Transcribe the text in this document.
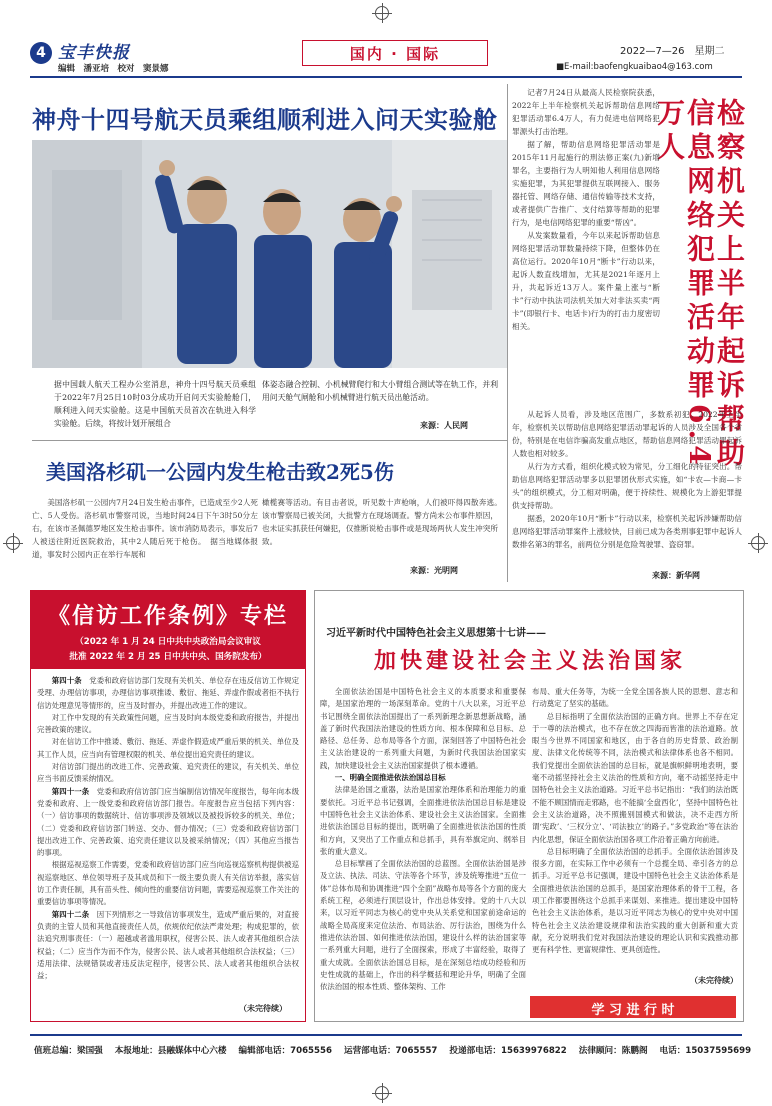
4 宝丰快报
编辑　潘亚培　校对　窦景娜
国内 · 国际	2022—7—26　星期二
■E-mail:baofengkuaibao4@163.com
神舟十四号航天员乘组顺利进入问天实验舱
据中国载人航天工程办公室消息，神舟十四号航天员乘组于2022年7月25日10时03分成功开启问天实验舱舱门，顺利进入问天实验舱。这是中国航天员首次在轨进入科学实验舱。后续，将按计划开展组合
体姿态融合控制、小机械臂爬行和大小臂组合测试等在轨工作，并利用问天舱气闸舱和小机械臂进行航天员出舱活动。
来源：人民网
美国洛杉矶一公园内发生枪击致2死5伤

美国洛杉矶一公园内7月24日发生枪击事件，已造成至少2人死亡、5人受伤。洛杉矶市警察司说，当地时间24日下午3时50分左右，在该市圣佩德罗地区发生枪击事件。该市消防局表示，事发后7人被送往附近医院救治，其中2人随后死于枪伤。　据当地媒体报道，事发时公园内正在举行车展和

橄榄赛等活动。有目击者说，听见数十声枪响，人们被吓得四散奔逃。　该市警察局已被关闭，大批警方在现场调查。警方尚未公布事件原因，也未证实抓获任何嫌犯，仅推断说枪击事件或是现场两伙人发生冲突所致。

来源：光明网
检察机关上半年起诉帮助信息网络犯罪活动罪6.4万人

记者7月24日从最高人民检察院获悉，2022年上半年检察机关起诉帮助信息网络犯罪活动罪6.4万人，有力促进电信网络犯罪源头打击治理。

据了解，帮助信息网络犯罪活动罪是2015年11月起施行的刑法修正案(九)新增罪名，主要指行为人明知他人利用信息网络实施犯罪，为其犯罪提供互联网接入、服务器托管、网络存储、通信传输等技术支持，或者提供广告推广、支付结算等帮助的犯罪行为，是电信网络犯罪的重要“帮凶”。

从发案数量看，今年以来起诉帮助信息网络犯罪活动罪数量持续下降，但整体仍在高位运行。2020年10月“断卡”行动以来，起诉人数直线增加，尤其是2021年逐月上升，共起诉近13万人。案件量上涨与“断卡”行动中执法司法机关加大对非法买卖“两卡”(即银行卡、电话卡)行为的打击力度密切相关。

从起诉人员看，涉及地区范围广，多数系初犯。2022年上半年，检察机关以帮助信息网络犯罪活动罪起诉的人员涉及全国各个省份，特别是在电信诈骗高发重点地区，帮助信息网络犯罪活动罪起诉人数也相对较多。

从行为方式看，组织化模式较为常见，分工细化的特征突出。帮助信息网络犯罪活动罪多以犯罪团伙形式实施，如“卡农—卡商—卡头”的组织模式，分工相对明确，便于持续性、规模化为上游犯罪提供支持帮助。

据悉，2020年10月“断卡”行动以来，检察机关起诉涉嫌帮助信息网络犯罪活动罪案件上涨较快，目前已成为各类刑事犯罪中起诉人数排名第3的罪名，前两位分别是危险驾驶罪、盗窃罪。

来源：新华网
《信访工作条例》专栏
（2022 年 1 月 24 日中共中央政治局会议审议
批准 2022 年 2 月 25 日中共中央、国务院发布）

第四十条　 党委和政府信访部门发现有关机关、单位存在违反信访工作规定受理、办理信访事项，办理信访事项推诿、敷衍、拖延、弄虚作假或者拒不执行信访处理意见等情形的，应当及时督办，并提出改进工作的建议。

对工作中发现的有关政策性问题，应当及时向本级党委和政府报告，并提出完善政策的建议。

对在信访工作中推诿、敷衍、拖延、弄虚作假造成严重后果的机关、单位及其工作人员，应当向有管理权限的机关、单位提出追究责任的建议。

对信访部门提出的改进工作、完善政策、追究责任的建议，有关机关、单位应当书面反馈采纳情况。

第四十一条　 党委和政府信访部门应当编制信访情况年度报告，每年向本级党委和政府、上一级党委和政府信访部门报告。年度报告应当包括下列内容：（一）信访事项的数据统计、信访事项涉及领域以及被投诉较多的机关、单位；（二）党委和政府信访部门转送、交办、督办情况；（三）党委和政府信访部门提出改进工作、完善政策、追究责任建议以及被采纳情况；（四）其他应当报告的事项。

根据巡视巡察工作需要，党委和政府信访部门应当向巡视巡察机构提供被巡视巡察地区、单位领导班子及其成员和下一级主要负责人有关信访举报，落实信访工作责任制，具有苗头性、倾向性的重要信访问题，需要巡视巡察工作关注的重要信访事项等情况。

第四十二条　 因下列情形之一导致信访事项发生，造成严重后果的，对直接负责的主管人员和其他直接责任人员，依规依纪依法严肃处理；构成犯罪的，依法追究刑事责任：（一）超越或者滥用职权，侵害公民、法人或者其他组织合法权益；（二）应当作为而不作为，侵害公民、法人或者其他组织合法权益；（三）适用法律、法规错误或者违反法定程序，侵害公民、法人或者其他组织合法权益；

（未完待续）
习近平新时代中国特色社会主义思想第十七讲——
加快建设社会主义法治国家

全面依法治国是中国特色社会主义的本质要求和重要保障，是国家治理的一场深刻革命。党的十八大以来，习近平总书记围绕全面依法治国提出了一系列新理念新思想新战略，涵盖了新时代我国法治建设的性质方向、根本保障和总目标、总路径、总任务、总布局等各个方面，深刻回答了中国特色社会主义法治建设的一系列重大问题，为新时代我国法治国家实践，加快建设社会主义法治国家提供了根本遵循。

一、明确全面推进依法治国总目标

法律是治国之重器，法治是国家治理体系和治理能力的重要依托。习近平总书记强调，全面推进依法治国总目标是建设中国特色社会主义法治体系、建设社会主义法治国家。全面推进依法治国总目标的提出，既明确了全面推进依法治国的性质和方向，又突出了工作重点和总抓手，具有举旗定向、纲举目张的重大意义。

总目标擘画了全面依法治国的总蓝图。全面依法治国是涉及立法、执法、司法、守法等各个环节，涉及统筹推进“五位一体”总体布局和协调推进“四个全面”战略布局等各个方面的庞大系统工程，必须进行顶层设计，作出总体安排。党的十八大以来，以习近平同志为核心的党中央从关系党和国家前途命运的战略全局高度来定位法治、布局法治、厉行法治，围绕为什么推进依法治国、如何推进依法治国，建设什么样的法治国家等一系列重大问题，进行了全面探索，形成了丰富经验，取得了重大成就。全面依法治国总目标，是在深刻总结成功经验和历史性成就的基础上，作出的科学概括和理论升华，明确了全面依法治国的根本性质、整体架构、工作

布局、重大任务等，为统一全党全国各族人民的思想、意志和行动奠定了坚实的基础。

总目标指明了全面依法治国的正确方向。世界上不存在定于一尊的法治模式，也不存在放之四海而皆准的法治道路。放眼当今世界不同国家和地区，由于各自的历史背景、政治制度、法律文化传统等不同，法治模式和法律体系也各不相同。我们党提出全面依法治国的总目标，就是旗帜鲜明地表明，要毫不动摇坚持社会主义法治的性质和方向，毫不动摇坚持走中国特色社会主义法治道路。习近平总书记指出：“我们的法治既不能不顾国情而走邪路，也不能搞‘全盘西化’，坚持中国特色社会主义法治道路，决不照搬别国模式和做法，决不走西方所谓‘宪政’、‘三权分立’、‘司法独立’的路子。”多党政治“等在法治内化思想，保证全面依法治国各项工作沿着正确方向前进。

总目标明确了全面依法治国的总抓手。全面依法治国涉及很多方面，在实际工作中必须有一个总揽全局、牵引各方的总抓手。习近平总书记强调，建设中国特色社会主义法治体系是全面推进依法治国的总抓手，是国家治理体系的骨干工程，各项工作都要围绕这个总抓手来谋划、来推进。提出建设中国特色社会主义法治体系，是以习近平同志为核心的党中央对中国特色社会主义法治建设规律和法治实践的重大创新和重大贡献，充分说明我们党对我国法治建设的理论认识和实践推动都更有科学性、更富规律性、更具创造性。

（未完待续）
学 习 进 行 时
值班总编：梁国强 本报地址：县融媒体中心六楼 编辑部电话：7065556 运营部电话：7065557 投递部电话：15639976822 法律顾问：陈鹏阁 电话：15037595699
